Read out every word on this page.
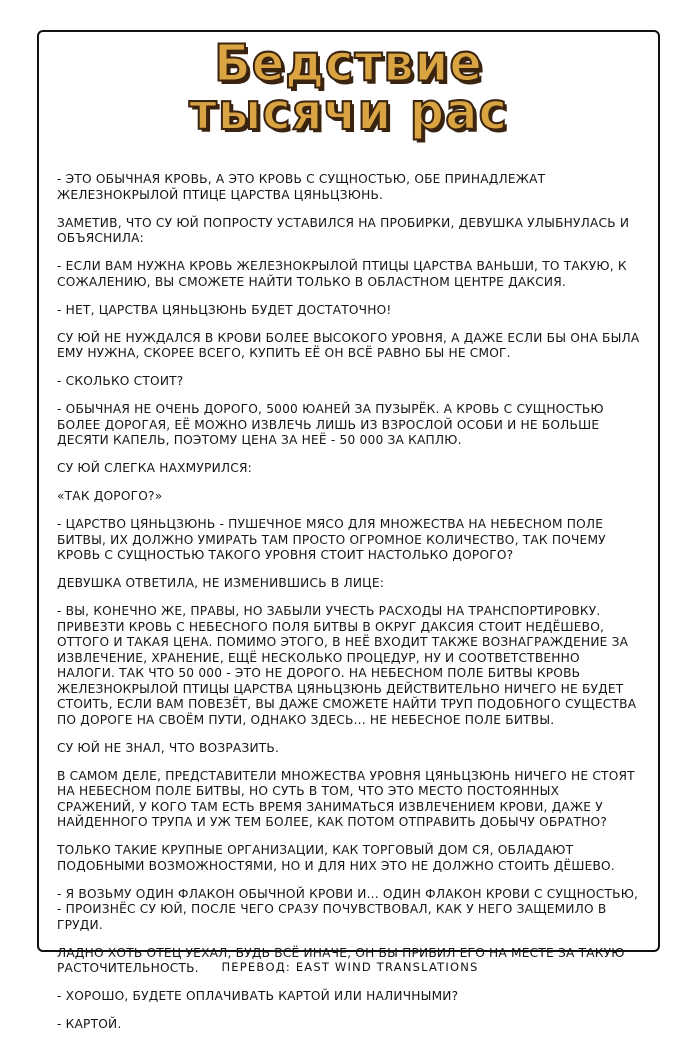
Бедствие
тысячи рас

- ЭТО ОБЫЧНАЯ КРОВЬ, А ЭТО КРОВЬ С СУЩНОСТЬЮ, ОБЕ ПРИНАДЛЕЖАТ ЖЕЛЕЗНОКРЫЛОЙ ПТИЦЕ ЦАРСТВА ЦЯНЬЦЗЮНЬ.

ЗАМЕТИВ, ЧТО СУ ЮЙ ПОПРОСТУ УСТАВИЛСЯ НА ПРОБИРКИ, ДЕВУШКА УЛЫБНУЛАСЬ И ОБЪЯСНИЛА:

- ЕСЛИ ВАМ НУЖНА КРОВЬ ЖЕЛЕЗНОКРЫЛОЙ ПТИЦЫ ЦАРСТВА ВАНЬШИ, ТО ТАКУЮ, К СОЖАЛЕНИЮ, ВЫ СМОЖЕТЕ НАЙТИ ТОЛЬКО В ОБЛАСТНОМ ЦЕНТРЕ ДАКСИЯ.

- НЕТ, ЦАРСТВА ЦЯНЬЦЗЮНЬ БУДЕТ ДОСТАТОЧНО!

СУ ЮЙ НЕ НУЖДАЛСЯ В КРОВИ БОЛЕЕ ВЫСОКОГО УРОВНЯ, А ДАЖЕ ЕСЛИ БЫ ОНА БЫЛА ЕМУ НУЖНА, СКОРЕЕ ВСЕГО, КУПИТЬ ЕЁ ОН ВСЁ РАВНО БЫ НЕ СМОГ.

- СКОЛЬКО СТОИТ?

- ОБЫЧНАЯ НЕ ОЧЕНЬ ДОРОГО, 5000 ЮАНЕЙ ЗА ПУЗЫРЁК. А КРОВЬ С СУЩНОСТЬЮ БОЛЕЕ ДОРОГАЯ, ЕЁ МОЖНО ИЗВЛЕЧЬ ЛИШЬ ИЗ ВЗРОСЛОЙ ОСОБИ И НЕ БОЛЬШЕ ДЕСЯТИ КАПЕЛЬ, ПОЭТОМУ ЦЕНА ЗА НЕЁ - 50 000 ЗА КАПЛЮ.

СУ ЮЙ СЛЕГКА НАХМУРИЛСЯ:

«ТАК ДОРОГО?»

- ЦАРСТВО ЦЯНЬЦЗЮНЬ - ПУШЕЧНОЕ МЯСО ДЛЯ МНОЖЕСТВА НА НЕБЕСНОМ ПОЛЕ БИТВЫ, ИХ ДОЛЖНО УМИРАТЬ ТАМ ПРОСТО ОГРОМНОЕ КОЛИЧЕСТВО, ТАК ПОЧЕМУ КРОВЬ С СУЩНОСТЬЮ ТАКОГО УРОВНЯ СТОИТ НАСТОЛЬКО ДОРОГО?

ДЕВУШКА ОТВЕТИЛА, НЕ ИЗМЕНИВШИСЬ В ЛИЦЕ:

- ВЫ, КОНЕЧНО ЖЕ, ПРАВЫ, НО ЗАБЫЛИ УЧЕСТЬ РАСХОДЫ НА ТРАНСПОРТИРОВКУ. ПРИВЕЗТИ КРОВЬ С НЕБЕСНОГО ПОЛЯ БИТВЫ В ОКРУГ ДАКСИЯ СТОИТ НЕДЁШЕВО, ОТТОГО И ТАКАЯ ЦЕНА. ПОМИМО ЭТОГО, В НЕЁ ВХОДИТ ТАКЖЕ ВОЗНАГРАЖДЕНИЕ ЗА ИЗВЛЕЧЕНИЕ, ХРАНЕНИЕ, ЕЩЁ НЕСКОЛЬКО ПРОЦЕДУР, НУ И СООТВЕТСТВЕННО НАЛОГИ. ТАК ЧТО 50 000 - ЭТО НЕ ДОРОГО. НА НЕБЕСНОМ ПОЛЕ БИТВЫ КРОВЬ ЖЕЛЕЗНОКРЫЛОЙ ПТИЦЫ ЦАРСТВА ЦЯНЬЦЗЮНЬ ДЕЙСТВИТЕЛЬНО НИЧЕГО НЕ БУДЕТ СТОИТЬ, ЕСЛИ ВАМ ПОВЕЗЁТ, ВЫ ДАЖЕ СМОЖЕТЕ НАЙТИ ТРУП ПОДОБНОГО СУЩЕСТВА ПО ДОРОГЕ НА СВОЁМ ПУТИ, ОДНАКО ЗДЕСЬ... НЕ НЕБЕСНОЕ ПОЛЕ БИТВЫ.

СУ ЮЙ НЕ ЗНАЛ, ЧТО ВОЗРАЗИТЬ.

В САМОМ ДЕЛЕ, ПРЕДСТАВИТЕЛИ МНОЖЕСТВА УРОВНЯ ЦЯНЬЦЗЮНЬ НИЧЕГО НЕ СТОЯТ НА НЕБЕСНОМ ПОЛЕ БИТВЫ, НО СУТЬ В ТОМ, ЧТО ЭТО МЕСТО ПОСТОЯННЫХ СРАЖЕНИЙ, У КОГО ТАМ ЕСТЬ ВРЕМЯ ЗАНИМАТЬСЯ ИЗВЛЕЧЕНИЕМ КРОВИ, ДАЖЕ У НАЙДЕННОГО ТРУПА И УЖ ТЕМ БОЛЕЕ, КАК ПОТОМ ОТПРАВИТЬ ДОБЫЧУ ОБРАТНО?

ТОЛЬКО ТАКИЕ КРУПНЫЕ ОРГАНИЗАЦИИ, КАК ТОРГОВЫЙ ДОМ СЯ, ОБЛАДАЮТ ПОДОБНЫМИ ВОЗМОЖНОСТЯМИ, НО И ДЛЯ НИХ ЭТО НЕ ДОЛЖНО СТОИТЬ ДЁШЕВО.

- Я ВОЗЬМУ ОДИН ФЛАКОН ОБЫЧНОЙ КРОВИ И... ОДИН ФЛАКОН КРОВИ С СУЩНОСТЬЮ, - ПРОИЗНЁС СУ ЮЙ, ПОСЛЕ ЧЕГО СРАЗУ ПОЧУВСТВОВАЛ, КАК У НЕГО ЗАЩЕМИЛО В ГРУДИ.

ЛАДНО ХОТЬ ОТЕЦ УЕХАЛ, БУДЬ ВСЁ ИНАЧЕ, ОН БЫ ПРИБИЛ ЕГО НА МЕСТЕ ЗА ТАКУЮ РАСТОЧИТЕЛЬНОСТЬ.

- ХОРОШО, БУДЕТЕ ОПЛАЧИВАТЬ КАРТОЙ ИЛИ НАЛИЧНЫМИ?

- КАРТОЙ.

ПЕРЕВОД: EAST WIND TRANSLATIONS
